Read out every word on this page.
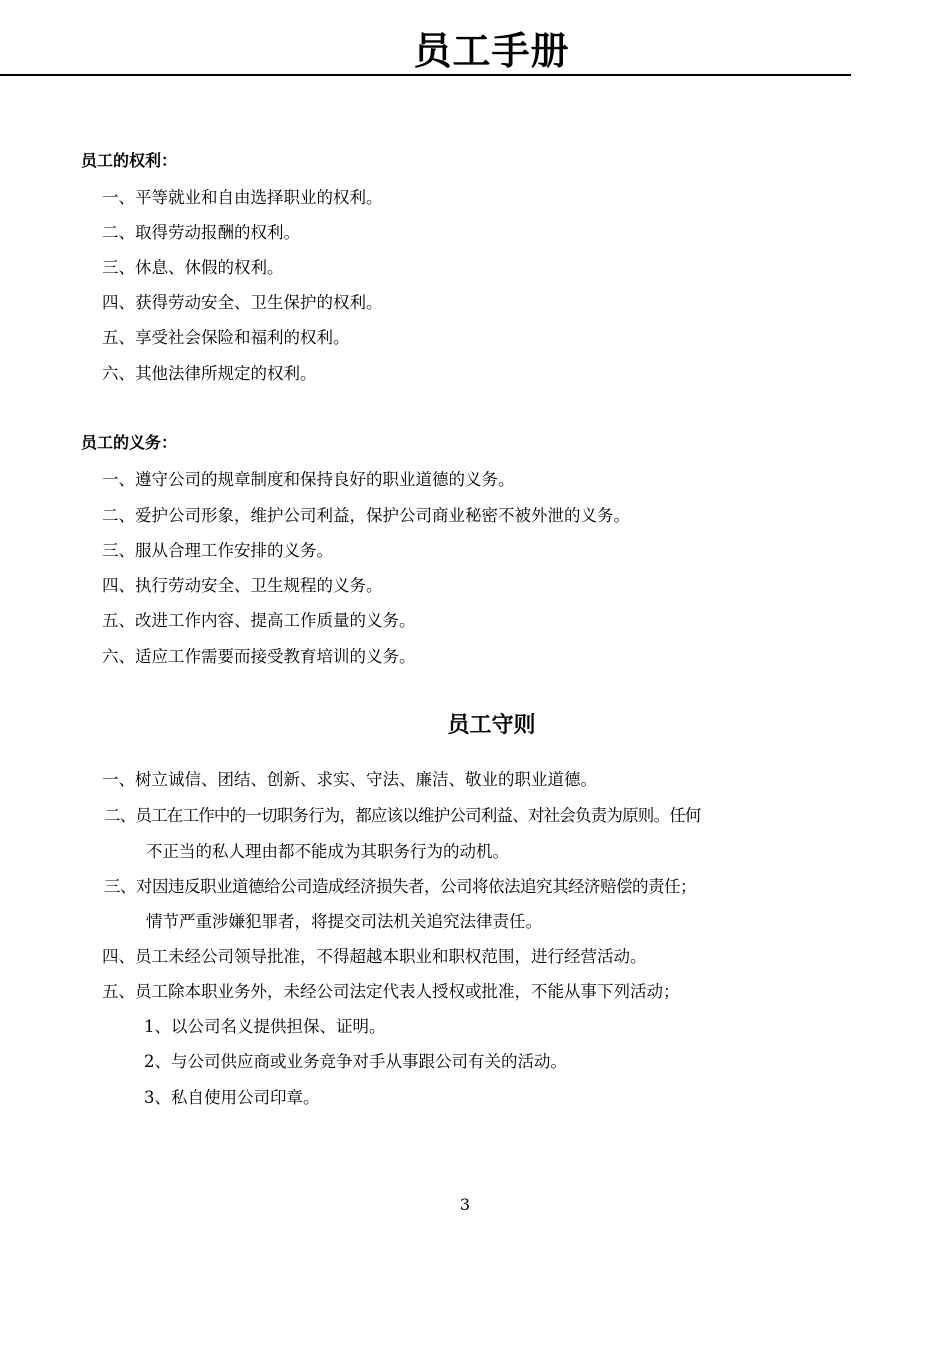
员工手册
员工的权利：
一、平等就业和自由选择职业的权利。
二、取得劳动报酬的权利。
三、休息、休假的权利。
四、获得劳动安全、卫生保护的权利。
五、享受社会保险和福利的权利。
六、其他法律所规定的权利。
员工的义务：
一、遵守公司的规章制度和保持良好的职业道德的义务。
二、爱护公司形象，维护公司利益，保护公司商业秘密不被外泄的义务。
三、服从合理工作安排的义务。
四、执行劳动安全、卫生规程的义务。
五、改进工作内容、提高工作质量的义务。
六、适应工作需要而接受教育培训的义务。
员工守则
一、树立诚信、团结、创新、求实、守法、廉洁、敬业的职业道德。
二、员工在工作中的一切职务行为，都应该以维护公司利益、对社会负责为原则。任何
不正当的私人理由都不能成为其职务行为的动机。
三、对因违反职业道德给公司造成经济损失者，公司将依法追究其经济赔偿的责任；
情节严重涉嫌犯罪者，将提交司法机关追究法律责任。
四、员工未经公司领导批准，不得超越本职业和职权范围，进行经营活动。
五、员工除本职业务外，未经公司法定代表人授权或批准，不能从事下列活动；
1、以公司名义提供担保、证明。
2、与公司供应商或业务竞争对手从事跟公司有关的活动。
3、私自使用公司印章。
3
